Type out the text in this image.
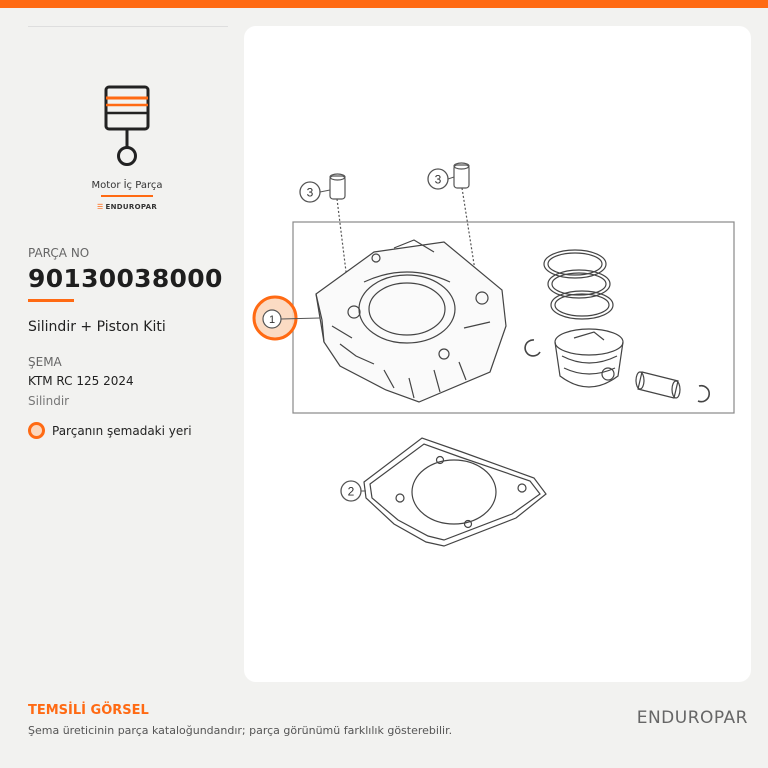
Motor İç Parça
☰ ENDUROPAR
PARÇA NO
90130038000
Silindir + Piston Kiti
ŞEMA
KTM RC 125 2024
Silindir
Parçanın şemadaki yeri
3
3
1
2
TEMSİLİ GÖRSEL
Şema üreticinin parça kataloğundandır; parça görünümü farklılık gösterebilir.
ENDUROPAR
